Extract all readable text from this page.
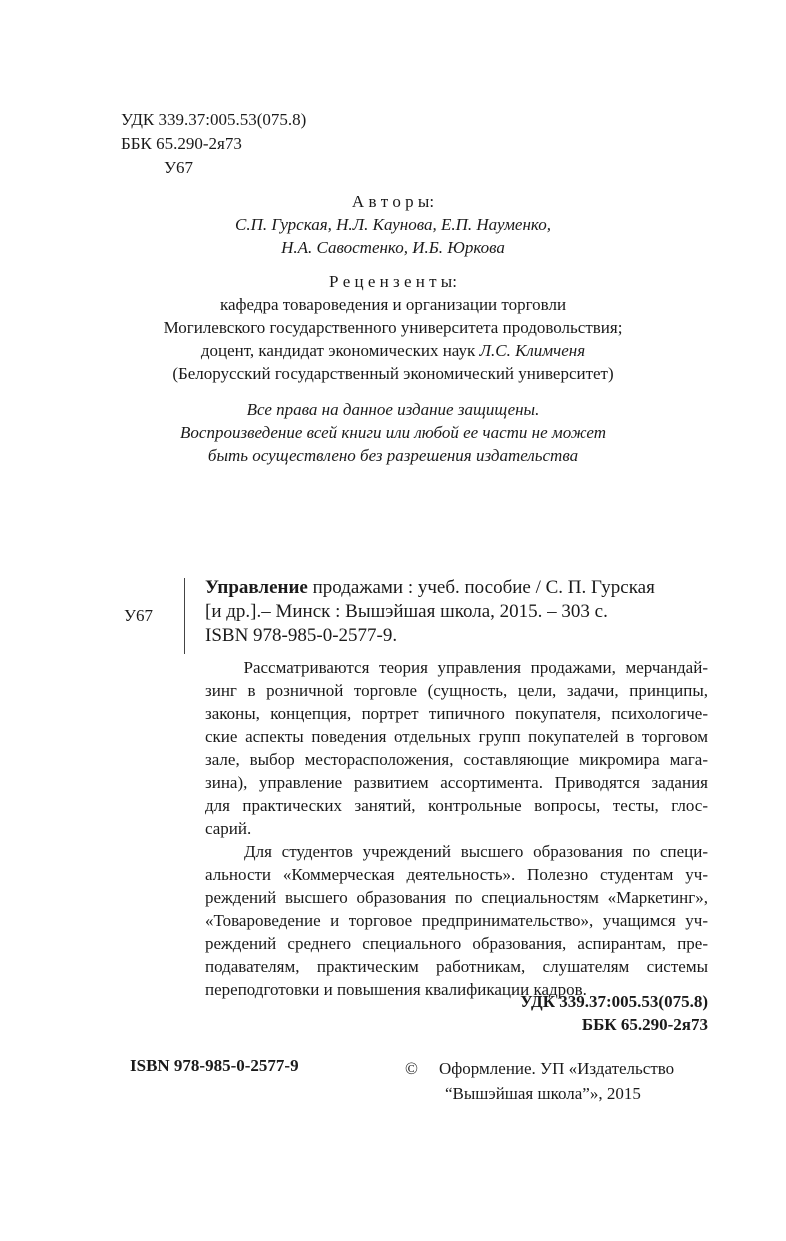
УДК 339.37:005.53(075.8)
ББК 65.290-2я73
У67
А в т о р ы:
С.П. Гурская, Н.Л. Каунова, Е.П. Науменко,
Н.А. Савостенко, И.Б. Юркова
Р е ц е н з е н т ы:
кафедра товароведения и организации торговли
Могилевского государственного университета продовольствия;
доцент, кандидат экономических наук Л.С. Климченя
(Белорусский государственный экономический университет)
Все права на данное издание защищены.
Воспроизведение всей книги или любой ее части не может
быть осуществлено без разрешения издательства
У67
Управление продажами : учеб. пособие / С. П. Гурская
[и др.].– Минск : Вышэйшая школа, 2015. – 303 с.
ISBN 978-985-0-2577-9.

Рассматриваются теория управления продажами, мерчандай-
зинг в розничной торговле (сущность, цели, задачи, принципы,
законы, концепция, портрет типичного покупателя, психологиче-
ские аспекты поведения отдельных групп покупателей в торговом
зале, выбор месторасположения, составляющие микромира мага-
зина), управление развитием ассортимента. Приводятся задания
для практических занятий, контрольные вопросы, тесты, глос-
сарий.

Для студентов учреждений высшего образования по специ-
альности «Коммерческая деятельность». Полезно студентам уч-
реждений высшего образования по специальностям «Маркетинг»,
«Товароведение и торговое предпринимательство», учащимся уч-
реждений среднего специального образования, аспирантам, пре-
подавателям, практическим работникам, слушателям системы
переподготовки и повышения квалификации кадров.

УДК 339.37:005.53(075.8)
ББК 65.290-2я73
ISBN 978-985-0-2577-9	© Оформление. УП «Издательство
“Вышэйшая школа”», 2015
